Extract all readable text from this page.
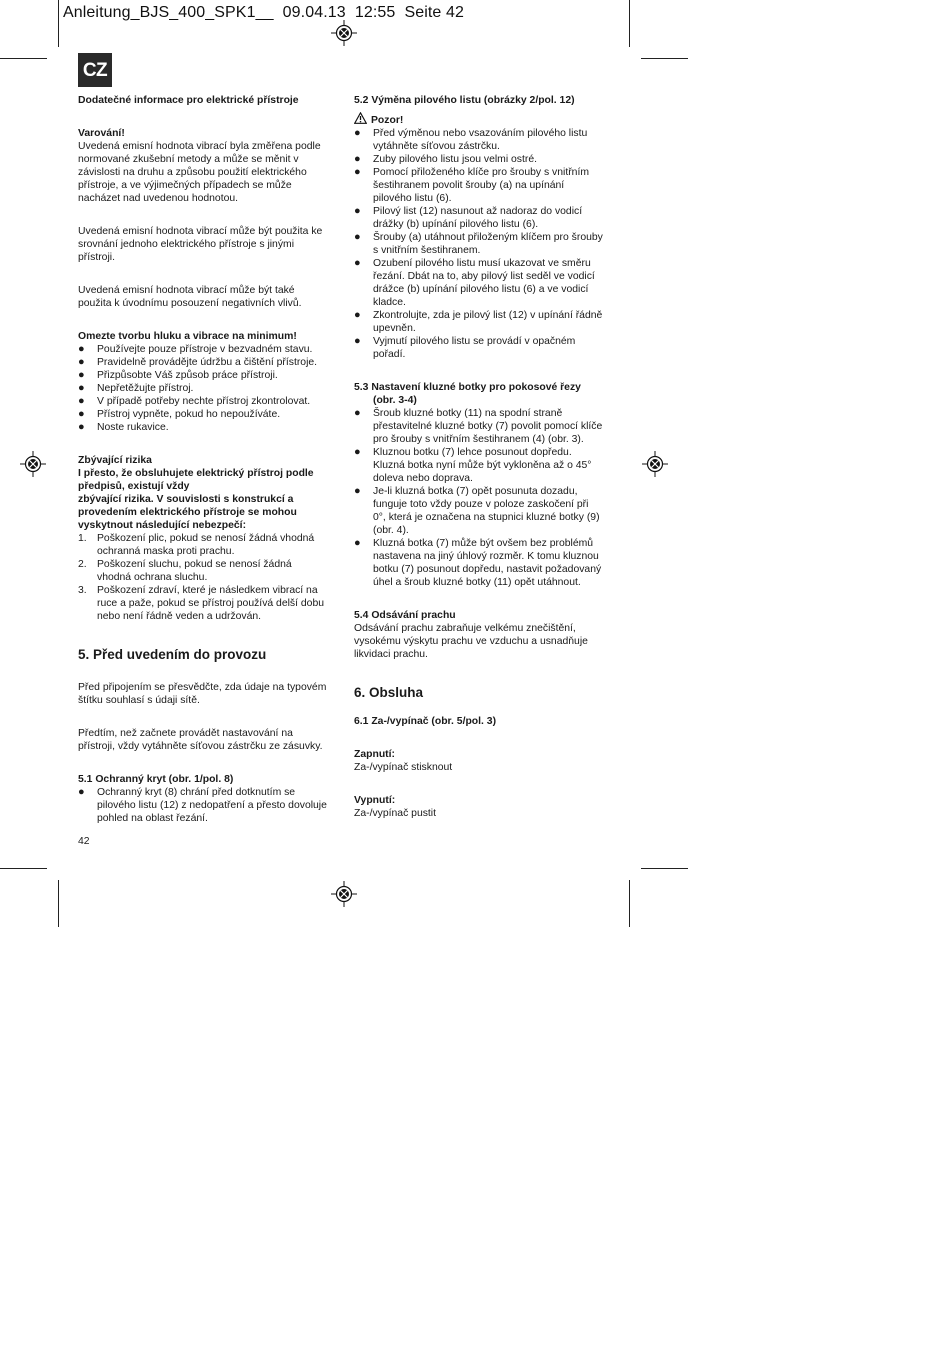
Anleitung_BJS_400_SPK1__  09.04.13  12:55  Seite 42
CZ

Dodatečné informace pro elektrické přístroje

Varování!

Uvedená emisní hodnota vibrací byla změřena podle

normované zkušební metody a může se měnit v

závislosti na druhu a způsobu použití elektrického

přístroje, a ve výjimečných případech se může

nacházet nad uvedenou hodnotou.

Uvedená emisní hodnota vibrací může být použita ke

srovnání jednoho elektrického přístroje s jinými

přístroji.

Uvedená emisní hodnota vibrací může být také

použita k úvodnímu posouzení negativních vlivů.

Omezte tvorbu hluku a vibrace na minimum!

● Používejte pouze přístroje v bezvadném stavu.
● Pravidelně provádějte údržbu a čištění přístroje.
● Přizpůsobte Váš způsob práce přístroji.
● Nepřetěžujte přístroj.
● V případě potřeby nechte přístroj zkontrolovat.
● Přístroj vypněte, pokud ho nepoužíváte.
● Noste rukavice.

Zbývající rizika

I přesto, že obsluhujete elektrický přístroj podle

předpisů, existují vždy

zbývající rizika. V souvislosti s konstrukcí a

provedením elektrického přístroje se mohou

vyskytnout následující nebezpečí:

1. Poškození plic, pokud se nenosí žádná vhodná

ochranná maska proti prachu.

2. Poškození sluchu, pokud se nenosí žádná

vhodná ochrana sluchu.

3. Poškození zdraví, které je následkem vibrací na

ruce a paže, pokud se přístroj používá delší dobu

nebo není řádně veden a udržován.

5. Před uvedením do provozu

Před připojením se přesvědčte, zda údaje na typovém

štítku souhlasí s údaji sítě.

Předtím, než začnete provádět nastavování na

přístroji, vždy vytáhněte síťovou zástrčku ze zásuvky.

5.1 Ochranný kryt (obr. 1/pol. 8)

● Ochranný kryt (8) chrání před dotknutím se

pilového listu (12) z nedopatření a přesto dovoluje

pohled na oblast řezání.

5.2 Výměna pilového listu (obrázky 2/pol. 12)

Pozor!

● Před výměnou nebo vsazováním pilového listu

vytáhněte síťovou zástrčku.

● Zuby pilového listu jsou velmi ostré.

● Pomocí přiloženého klíče pro šrouby s vnitřním

šestihranem povolit šrouby (a) na upínání

pilového listu (6).

● Pilový list (12) nasunout až nadoraz do vodicí

drážky (b) upínání pilového listu (6).

● Šrouby (a) utáhnout přiloženým klíčem pro šrouby

s vnitřním šestihranem.

● Ozubení pilového listu musí ukazovat ve směru

řezání. Dbát na to, aby pilový list seděl ve vodicí

drážce (b) upínání pilového listu (6) a ve vodicí

kladce.

● Zkontrolujte, zda je pilový list (12) v upínání řádně

upevněn.

● Vyjmutí pilového listu se provádí v opačném

pořadí.

5.3 Nastavení kluzné botky pro pokosové řezy

(obr. 3-4)

● Šroub kluzné botky (11) na spodní straně

přestavitelné kluzné botky (7) povolit pomocí klíče

pro šrouby s vnitřním šestihranem (4) (obr. 3).

● Kluznou botku (7) lehce posunout dopředu.

Kluzná botka nyní může být vykloněna až o 45°

doleva nebo doprava.

● Je-li kluzná botka (7) opět posunuta dozadu,

funguje toto vždy pouze v poloze zaskočení při

0°, která je označena na stupnici kluzné botky (9)

(obr. 4).

● Kluzná botka (7) může být ovšem bez problémů

nastavena na jiný úhlový rozměr. K tomu kluznou

botku (7) posunout dopředu, nastavit požadovaný

úhel a šroub kluzné botky (11) opět utáhnout.

5.4 Odsávání prachu

Odsávání prachu zabraňuje velkému znečištění,

vysokému výskytu prachu ve vzduchu a usnadňuje

likvidaci prachu.

6. Obsluha

6.1 Za-/vypínač (obr. 5/pol. 3)

Zapnutí:

Za-/vypínač stisknout

Vypnutí:

Za-/vypínač pustit

42
